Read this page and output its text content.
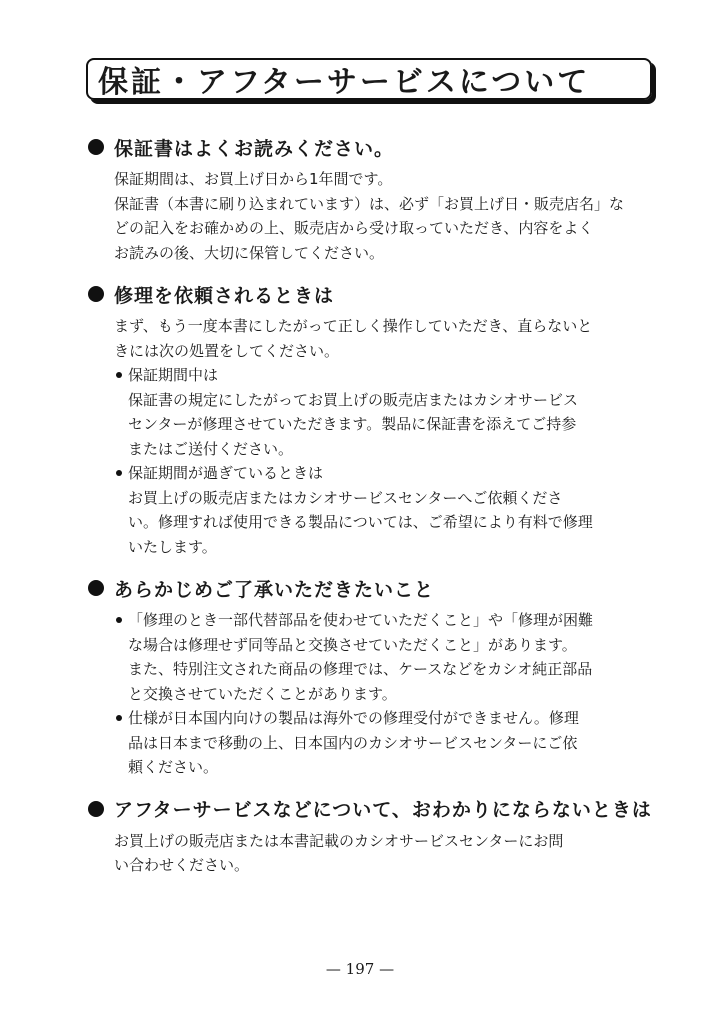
保証・アフターサービスについて
保証書はよくお読みください。
保証期間は、お買上げ日から1年間です。
保証書（本書に刷り込まれています）は、必ず「お買上げ日・販売店名」な
どの記入をお確かめの上、販売店から受け取っていただき、内容をよく
お読みの後、大切に保管してください。
修理を依頼されるときは
まず、もう一度本書にしたがって正しく操作していただき、直らないと
きには次の処置をしてください。
保証期間中は
保証書の規定にしたがってお買上げの販売店またはカシオサービス
センターが修理させていただきます。製品に保証書を添えてご持参
またはご送付ください。
保証期間が過ぎているときは
お買上げの販売店またはカシオサービスセンターへご依頼くださ
い。修理すれば使用できる製品については、ご希望により有料で修理
いたします。
あらかじめご了承いただきたいこと
「修理のとき一部代替部品を使わせていただくこと」や「修理が困難
な場合は修理せず同等品と交換させていただくこと」があります。
また、特別注文された商品の修理では、ケースなどをカシオ純正部品
と交換させていただくことがあります。
仕様が日本国内向けの製品は海外での修理受付ができません。修理
品は日本まで移動の上、日本国内のカシオサービスセンターにご依
頼ください。
アフターサービスなどについて、おわかりにならないときは
お買上げの販売店または本書記載のカシオサービスセンターにお問
い合わせください。
— 197 —
